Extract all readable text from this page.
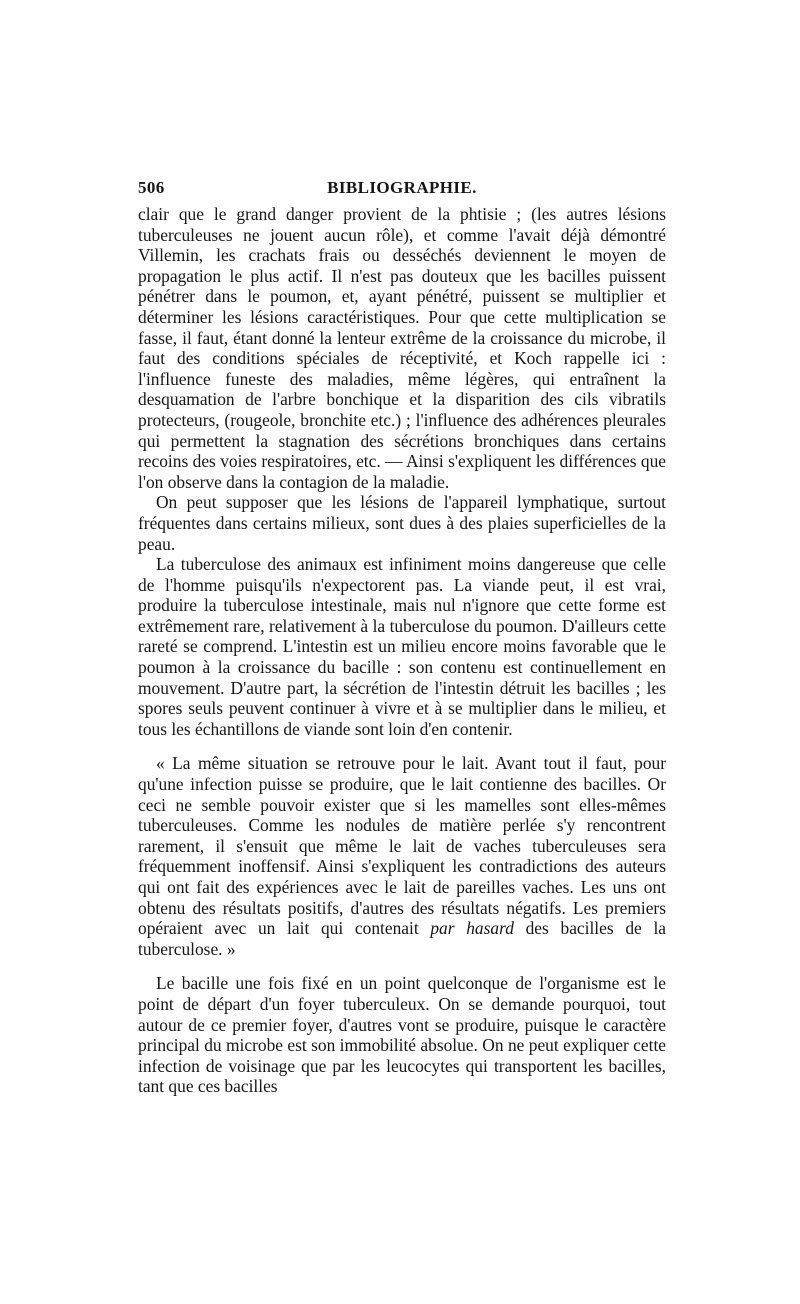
506	BIBLIOGRAPHIE.

clair que le grand danger provient de la phtisie ; (les autres lésions tuberculeuses ne jouent aucun rôle), et comme l'avait déjà démontré Villemin, les crachats frais ou desséchés deviennent le moyen de propagation le plus actif. Il n'est pas douteux que les bacilles puissent pénétrer dans le poumon, et, ayant pénétré, puissent se multiplier et déterminer les lésions caractéristiques. Pour que cette multiplication se fasse, il faut, étant donné la lenteur extrême de la croissance du microbe, il faut des conditions spéciales de réceptivité, et Koch rappelle ici : l'influence funeste des maladies, même légères, qui entraînent la desquamation de l'arbre bonchique et la disparition des cils vibratils protecteurs, (rougeole, bronchite etc.) ; l'influence des adhérences pleurales qui permettent la stagnation des sécrétions bronchiques dans certains recoins des voies respiratoires, etc. — Ainsi s'expliquent les différences que l'on observe dans la contagion de la maladie.

On peut supposer que les lésions de l'appareil lymphatique, surtout fréquentes dans certains milieux, sont dues à des plaies superficielles de la peau.

La tuberculose des animaux est infiniment moins dangereuse que celle de l'homme puisqu'ils n'expectorent pas. La viande peut, il est vrai, produire la tuberculose intestinale, mais nul n'ignore que cette forme est extrêmement rare, relativement à la tuberculose du poumon. D'ailleurs cette rareté se comprend. L'intestin est un milieu encore moins favorable que le poumon à la croissance du bacille : son contenu est continuellement en mouvement. D'autre part, la sécrétion de l'intestin détruit les bacilles ; les spores seuls peuvent continuer à vivre et à se multiplier dans le milieu, et tous les échantillons de viande sont loin d'en contenir.

« La même situation se retrouve pour le lait. Avant tout il faut, pour qu'une infection puisse se produire, que le lait contienne des bacilles. Or ceci ne semble pouvoir exister que si les mamelles sont elles-mêmes tuberculeuses. Comme les nodules de matière perlée s'y rencontrent rarement, il s'ensuit que même le lait de vaches tuberculeuses sera fréquemment inoffensif. Ainsi s'expliquent les contradictions des auteurs qui ont fait des expériences avec le lait de pareilles vaches. Les uns ont obtenu des résultats positifs, d'autres des résultats négatifs. Les premiers opéraient avec un lait qui contenait par hasard des bacilles de la tuberculose. »

Le bacille une fois fixé en un point quelconque de l'organisme est le point de départ d'un foyer tuberculeux. On se demande pourquoi, tout autour de ce premier foyer, d'autres vont se produire, puisque le caractère principal du microbe est son immobilité absolue. On ne peut expliquer cette infection de voisinage que par les leucocytes qui transportent les bacilles, tant que ces bacilles
